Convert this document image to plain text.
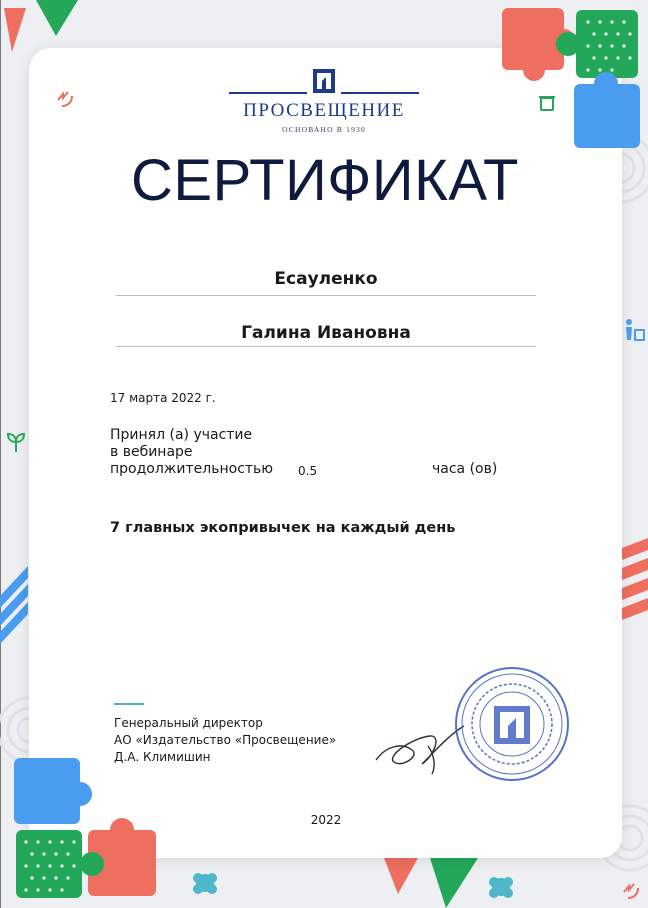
ПРОСВЕЩЕНИЕ
ОСНОВАНО В 1930
СЕРТИФИКАТ
Есауленко
Галина Ивановна
17 марта 2022 г.
Принял (а) участие
в вебинаре
продолжительностью 0.5	часа (ов)
7 главных экопривычек на каждый день
Генеральный директор
АО «Издательство «Просвещение»
Д.А. Климишин
2022
